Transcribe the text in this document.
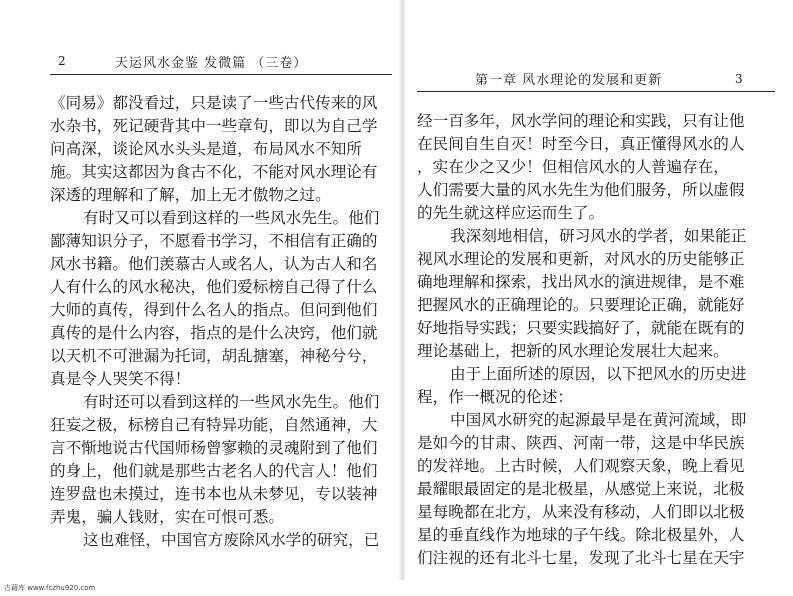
2	天运风水金鉴 发微篇 （三卷）
《同易》都没看过，只是读了一些古代传来的风
水杂书，死记硬背其中一些章句，即以为自己学
问高深，谈论风水头头是道，布局风水不知所
施。其实这都因为食古不化，不能对风水理论有
深透的理解和了解，加上无才傲物之过。
有时又可以看到这样的一些风水先生。他们
鄙薄知识分子，不愿看书学习，不相信有正确的
风水书籍。他们羡慕古人或名人，认为古人和名
人有什么的风水秘决，他们爱标榜自己得了什么
大师的真传，得到什么名人的指点。但问到他们
真传的是什么内容，指点的是什么决窍，他们就
以天机不可泄漏为托词，胡乱搪塞，神秘兮兮，
真是令人哭笑不得！
有时还可以看到这样的一些风水先生。他们
狂妄之极，标榜自己有特异功能，自然通神，大
言不惭地说古代国师杨曾寥赖的灵魂附到了他们
的身上，他们就是那些古老名人的代言人！他们
连罗盘也未摸过，连书本也从未梦见，专以装神
弄鬼，骗人钱财，实在可恨可悉。
这也难怪，中国官方废除风水学的研究，已
第一章 风水理论的发展和更新	3
经一百多年，风水学问的理论和实践，只有让他
在民间自生自灭！时至今日，真正懂得风水的人
，实在少之又少！但相信风水的人普遍存在，
人们需要大量的风水先生为他们服务，所以虚假
的先生就这样应运而生了。
我深刻地相信，研习风水的学者，如果能正
视风水理论的发展和更新，对风水的历史能够正
确地理解和探索，找出风水的演进规律，是不难
把握风水的正确理论的。只要理论正确，就能好
好地指导实践；只要实践搞好了，就能在既有的
理论基础上，把新的风水理论发展壮大起来。
由于上面所述的原因，以下把风水的历史进
程，作一概况的伦述：
中国风水研究的起源最早是在黄河流域，即
是如今的甘肃、陕西、河南一带，这是中华民族
的发祥地。上古时候，人们观察天象，晚上看见
最耀眼最固定的是北极星，从感觉上来说，北极
星每晚都在北方，从来没有移动，人们即以北极
星的垂直线作为地球的子午线。除北极星外，人
们注视的还有北斗七星，发现了北斗七星在天宇
古藉库 www.fczhu920.com
